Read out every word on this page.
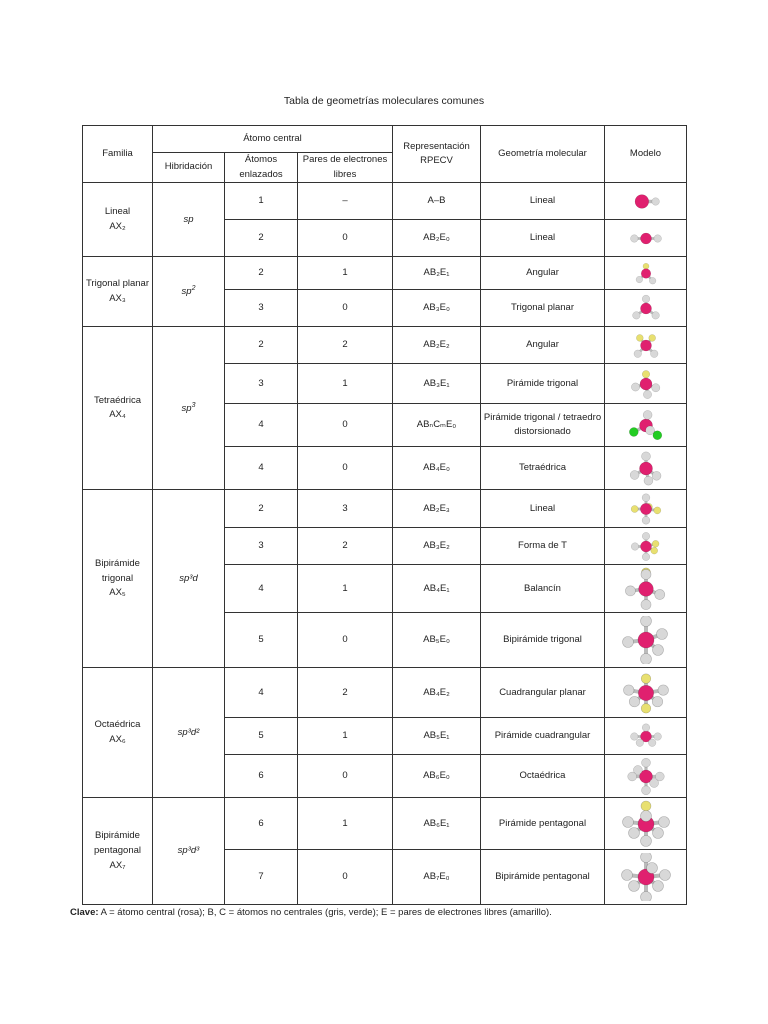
Tabla de geometrías moleculares comunes
Familia	Átomo central			Representación RPECV	Geometría molecular	Modelo
	Hibridación	Átomos enlazados	Pares de electrones libres			

Lineal
AX₂	sp	1	–	A–B	Lineal	

		2	0	AB₂E₀	Lineal	

Trigonal planar
AX₃	$sp^2$	2	1	AB₂E₁	Angular	

		3	0	AB₃E₀	Trigonal planar	

Tetraédrica
AX₄	$sp^3$	2	2	AB₂E₂	Angular	

		3	1	AB₃E₁	Pirámide trigonal	

		4	0	ABₙCₘE₀	Pirámide trigonal / tetraedro distorsionado	

		4	0	AB₄E₀	Tetraédrica	

Bipirámide trigonal
AX₅	sp³d	2	3	AB₂E₃	Lineal	

		3	2	AB₃E₂	Forma de T	

		4	1	AB₄E₁	Balancín	

		5	0	AB₅E₀	Bipirámide trigonal	

Octaédrica
AX₆	sp³d²	4	2	AB₄E₂	Cuadrangular planar	

		5	1	AB₅E₁	Pirámide cuadrangular	

		6	0	AB₆E₀	Octaédrica	

Bipirámide pentagonal
AX₇	sp³d³	6	1	AB₆E₁	Pirámide pentagonal	

		7	0	AB₇E₀	Bipirámide pentagonal	
Clave: A = átomo central (rosa); B, C = átomos no centrales (gris, verde); E = pares de electrones libres (amarillo).
